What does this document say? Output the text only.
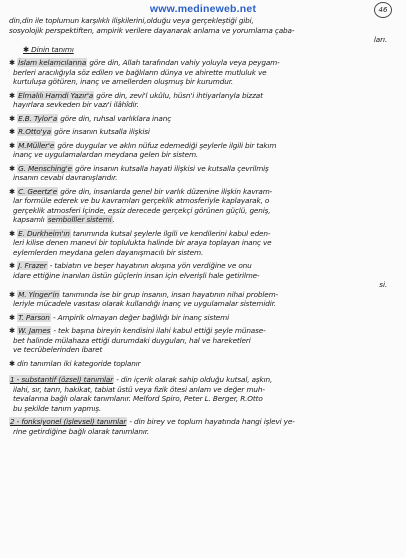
www.medineweb.net	46
din,din ile toplumun karşılıklı ilişkilerini,olduğu veya gerçekleştiği gibi,
sosyolojik perspektiften, ampirik verilere dayanarak anlama ve yorumlama çaba-
ları.
✱ Dinin tanımı
✱ İslam kelamcılarına göre din, Allah tarafından vahiy yoluyla veya peygam-
berleri aracılığıyla söz edilen ve bağlıların dünya ve ahirette mutluluk ve
kurtuluşa götüren, inanç ve amellerden oluşmuş bir kurumdur.
✱ Elmalılı Hamdi Yazır'a göre din, zevi'l ukûlu, hüsn'i ihtiyarlarıyla bizzat
hayırlara sevkeden bir vazı'i ilâhîdir.
✱ E.B. Tylor'a göre din, ruhsal varlıklara inanç
✱ R.Otto'ya göre insanın kutsalla ilişkisi
✱ M.Müller'e göre duygular ve aklın nüfuz edemediği şeylerle ilgili bir takım
inanç ve uygulamalardan meydana gelen bir sistem.
✱ G. Mensching'e göre insanın kutsalla hayati ilişkisi ve kutsalla çevrilmiş
insanın cevabi davranışlarıdır.
✱ C. Geertz'e göre din, insanlarda genel bir varlık düzenine ilişkin kavram-
lar formüle ederek ve bu kavramları gerçeklik atmosferiyle kaplayarak, o
gerçeklik atmosferi İçinde, eşsiz derecede gerçekçi görünen güçlü, geniş,
kapsamlı sembolller sistemi.
✱ E. Durkheim'ın tanımında kutsal şeylerle ilgili ve kendilerini kabul eden-
leri kilise denen manevi bir toplulukta halinde bir araya toplayan inanç ve
eylemlerden meydana gelen dayanışmacılı bir sistem.
✱ J. Frazer - tabiatın ve beşer hayatının akışına yön verdiğine ve onu
idare ettiğine inanılan üstün güçlerin insan için elverişli hale getirilme-
si.
✱ M. Yinger'in tanımında ise bir grup insanın, insan hayatının nihai problem-
leriyle mücadele vasıtası olarak kullandığı inanç ve uygulamalar sistemidir.
✱ T. Parson - Ampirik olmayan değer bağlılığı bir inanç sistemi
✱ W. James - tek başına bireyin kendisini ilahi kabul ettiği şeyle münase-
bet halinde mülahaza ettiği durumdaki duyguları, hal ve hareketleri
ve tecrübelerinden ibaret
✱ din tanımları iki kategoride toplanır
1 - substantif (özsel) tanımlar - din içerik olarak sahip olduğu kutsal, aşkın,
ilahi, sır, tanrı, hakikat, tabiat üstü veya fizik ötesi anlam ve değer muh-
tevalarına bağlı olarak tanımlanır. Melford Spiro, Peter L. Berger, R.Otto
bu şekilde tanım yapmış.
2 - fonksiyonel (işlevsel) tanımlar - din birey ve toplum hayatında hangi işlevi ye-
rine getirdiğine bağlı olarak tanımlanır.
